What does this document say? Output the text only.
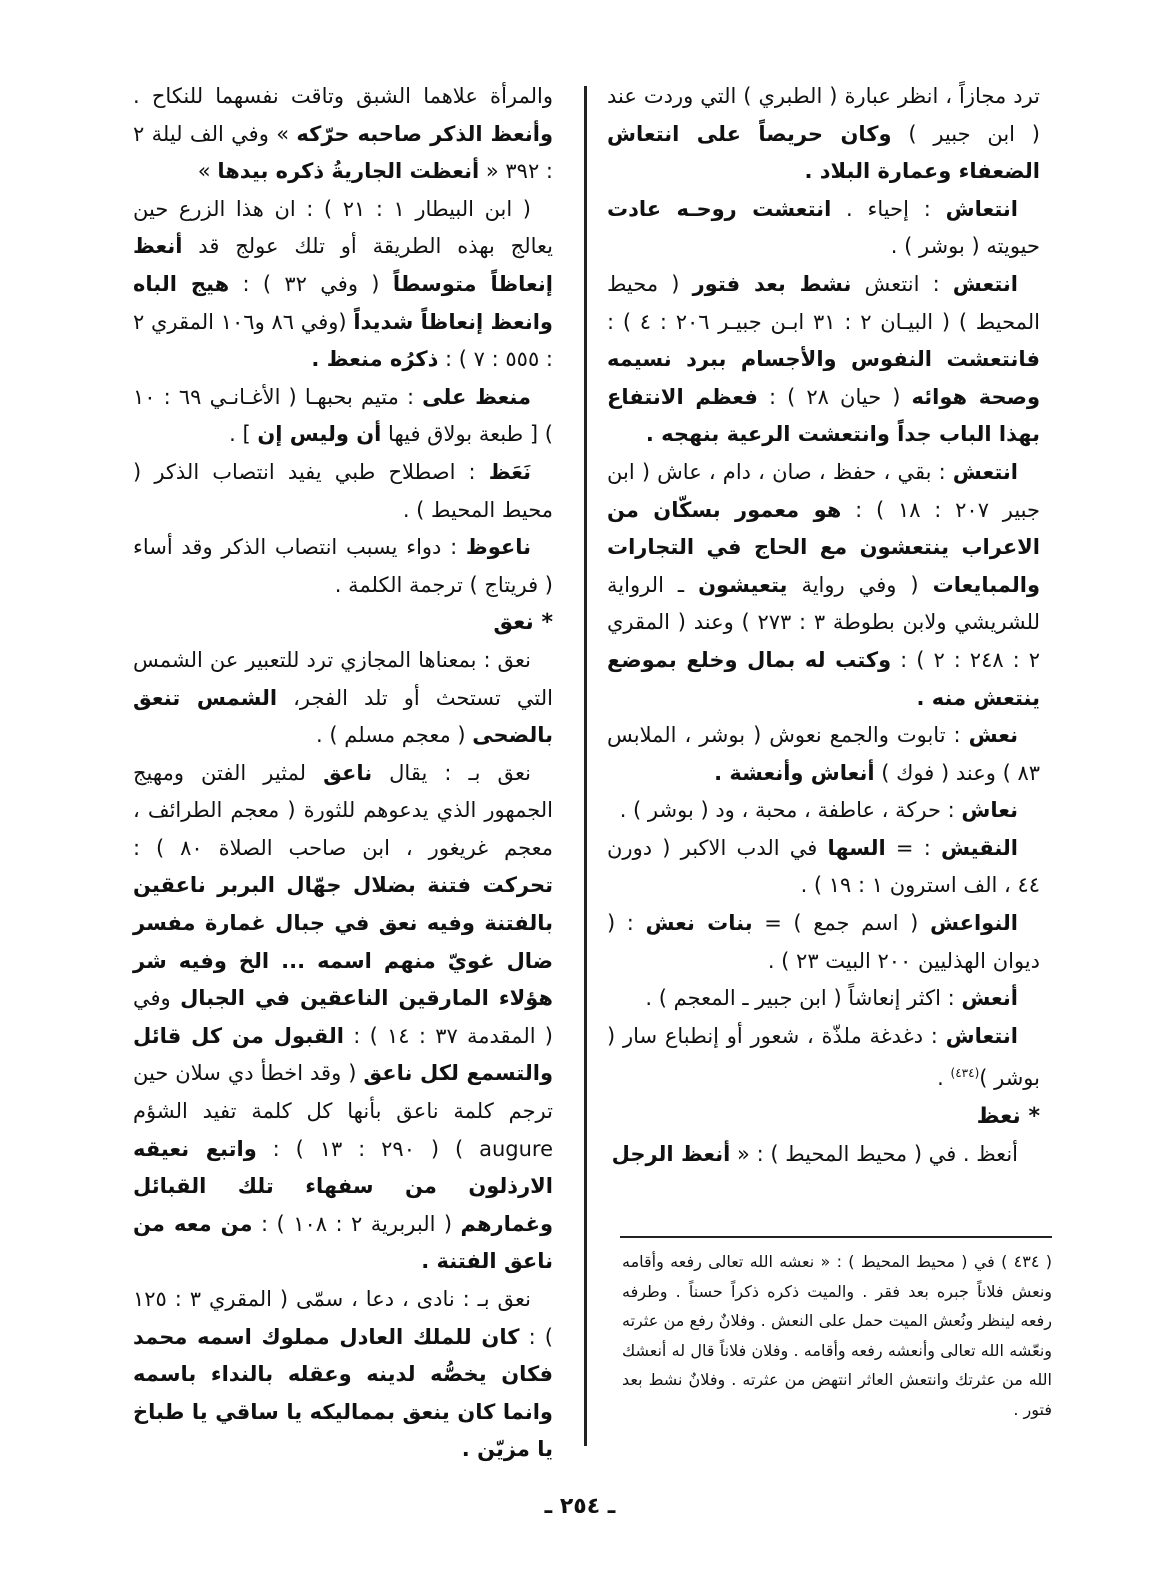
ترد مجازاً ، انظر عبارة ( الطبري ) التي وردت عند ( ابن جبير ) وكان حريصاً على انتعاش الضعفاء وعمارة البلاد .

انتعاش : إحياء . انتعشت روحـه عادت حيويته ( بوشر ) .

انتعش : انتعش نشط بعد فتور ( محيط المحيط ) ( البيـان ٢ : ٣١ ابـن جبيـر ٢٠٦ : ٤ ) : فانتعشت النفوس والأجسام ببرد نسيمه وصحة هوائه ( حيان ٢٨ ) : فعظم الانتفاع بهذا الباب جداً وانتعشت الرعية بنهجه .

انتعش : بقي ، حفظ ، صان ، دام ، عاش ( ابن جبير ٢٠٧ : ١٨ ) : هو معمور بسكّان من الاعراب ينتعشون مع الحاج في التجارات والمبايعات ( وفي رواية يتعيشون ـ الرواية للشريشي ولابن بطوطة ٣ : ٢٧٣ ) وعند ( المقري ٢ : ٢٤٨ : ٢ ) : وكتب له بمال وخلع بموضع ينتعش منه .

نعش : تابوت والجمع نعوش ( بوشر ، الملابس ٨٣ ) وعند ( فوك ) أنعاش وأنعشة .

نعاش : حركة ، عاطفة ، محبة ، ود ( بوشر ) .

النقيش : = السها في الدب الاكبر ( دورن ٤٤ ، الف استرون ١ : ١٩ ) .

النواعش ( اسم جمع ) = بنات نعش : ( ديوان الهذليين ٢٠٠ البيت ٢٣ ) .

أنعش : اكثر إنعاشاً ( ابن جبير ـ المعجم ) .

انتعاش : دغدغة ملذّة ، شعور أو إنطباع سار ( بوشر )$^{(٤٣٤)}$ .

* نعظ

أنعظ . في ( محيط المحيط ) : « أنعظ الرجل

والمرأة علاهما الشبق وتاقت نفسهما للنكاح . وأنعظ الذكر صاحبه حرّكه » وفي الف ليلة ٢ : ٣٩٢ « أنعظت الجاريةُ ذكره بيدها »

( ابن البيطار ١ : ٢١ ) : ان هذا الزرع حين يعالج بهذه الطريقة أو تلك عولج قد أنعظ إنعاظاً متوسطاً ( وفي ٣٢ ) : هيج الباه وانعظ إنعاظاً شديداً (وفي ٨٦ و١٠٦ المقري ٢ : ٥٥٥ : ٧ ) : ذكرُه منعظ .

منعظ على : متيم بحبهـا ( الأغـانـي ٦٩ : ١٠ ) [ طبعة بولاق فيها أن وليس إن ] .

نَعَظ : اصطلاح طبي يفيد انتصاب الذكر ( محيط المحيط ) .

ناعوظ : دواء يسبب انتصاب الذكر وقد أساء ( فريتاج ) ترجمة الكلمة .

* نعق

نعق : بمعناها المجازي ترد للتعبير عن الشمس التي تستحث أو تلد الفجر، الشمس تنعق بالضحى ( معجم مسلم ) .

نعق بـ : يقال ناعق لمثير الفتن ومهيج الجمهور الذي يدعوهم للثورة ( معجم الطرائف ، معجم غريغور ، ابن صاحب الصلاة ٨٠ ) : تحركت فتنة بضلال جهّال البربر ناعقين بالفتنة وفيه نعق في جبال غمارة مفسر ضال غويّ منهم اسمه ... الخ وفيه شر هؤلاء المارقين الناعقين في الجبال وفي ( المقدمة ٣٧ : ١٤ ) : القبول من كل قائل والتسمع لكل ناعق ( وقد اخطأ دي سلان حين ترجم كلمة ناعق بأنها كل كلمة تفيد الشؤم augure ) ( ٢٩٠ : ١٣ ) : واتبع نعيقه الارذلون من سفهاء تلك القبائل وغمارهم ( البربرية ٢ : ١٠٨ ) : من معه من ناعق الفتنة .

نعق بـ : نادى ، دعا ، سمّى ( المقري ٣ : ١٢٥ ) : كان للملك العادل مملوك اسمه محمد فكان يخصُّه لدينه وعقله بالنداء باسمه وانما كان ينعق بمماليكه يا ساقي يا طباخ يا مزيّن .

( ٤٣٤ ) في ( محيط المحيط ) : « نعشه الله تعالى رفعه وأقامه ونعش فلاناً جبره بعد فقر . والميت ذكره ذكراً حسناً . وطرفه رفعه لينظر ونُعش الميت حمل على النعش . وفلانٌ رفع من عثرته ونعّشه الله تعالى وأنعشه رفعه وأقامه . وفلان فلاناً قال له أنعشك الله من عثرتك وانتعش العاثر انتهض من عثرته . وفلانٌ نشط بعد فتور .

ـ ٢٥٤ ـ
